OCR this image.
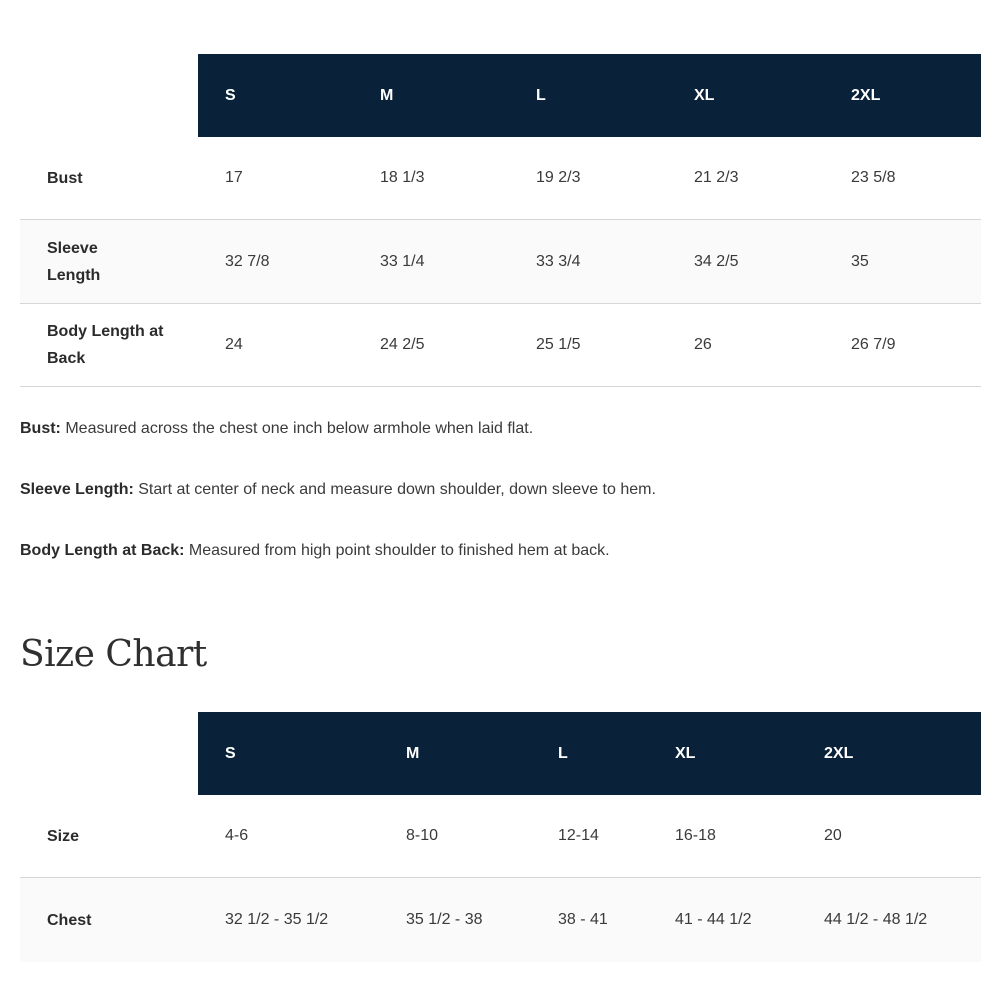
	S	M	L	XL	2XL

Bust	17	18 1/3	19 2/3	21 2/3	23 5/8

Sleeve Length	32 7/8	33 1/4	33 3/4	34 2/5	35

Body Length at Back	24	24 2/5	25 1/5	26	26 7/9

Bust: Measured across the chest one inch below armhole when laid flat.

Sleeve Length: Start at center of neck and measure down shoulder, down sleeve to hem.

Body Length at Back: Measured from high point shoulder to finished hem at back.

Size Chart

	S	M	L	XL	2XL

Size	4-6	8-10	12-14	16-18	20

Chest	32 1/2 - 35 1/2	35 1/2 - 38	38 - 41	41 - 44 1/2	44 1/2 - 48 1/2
